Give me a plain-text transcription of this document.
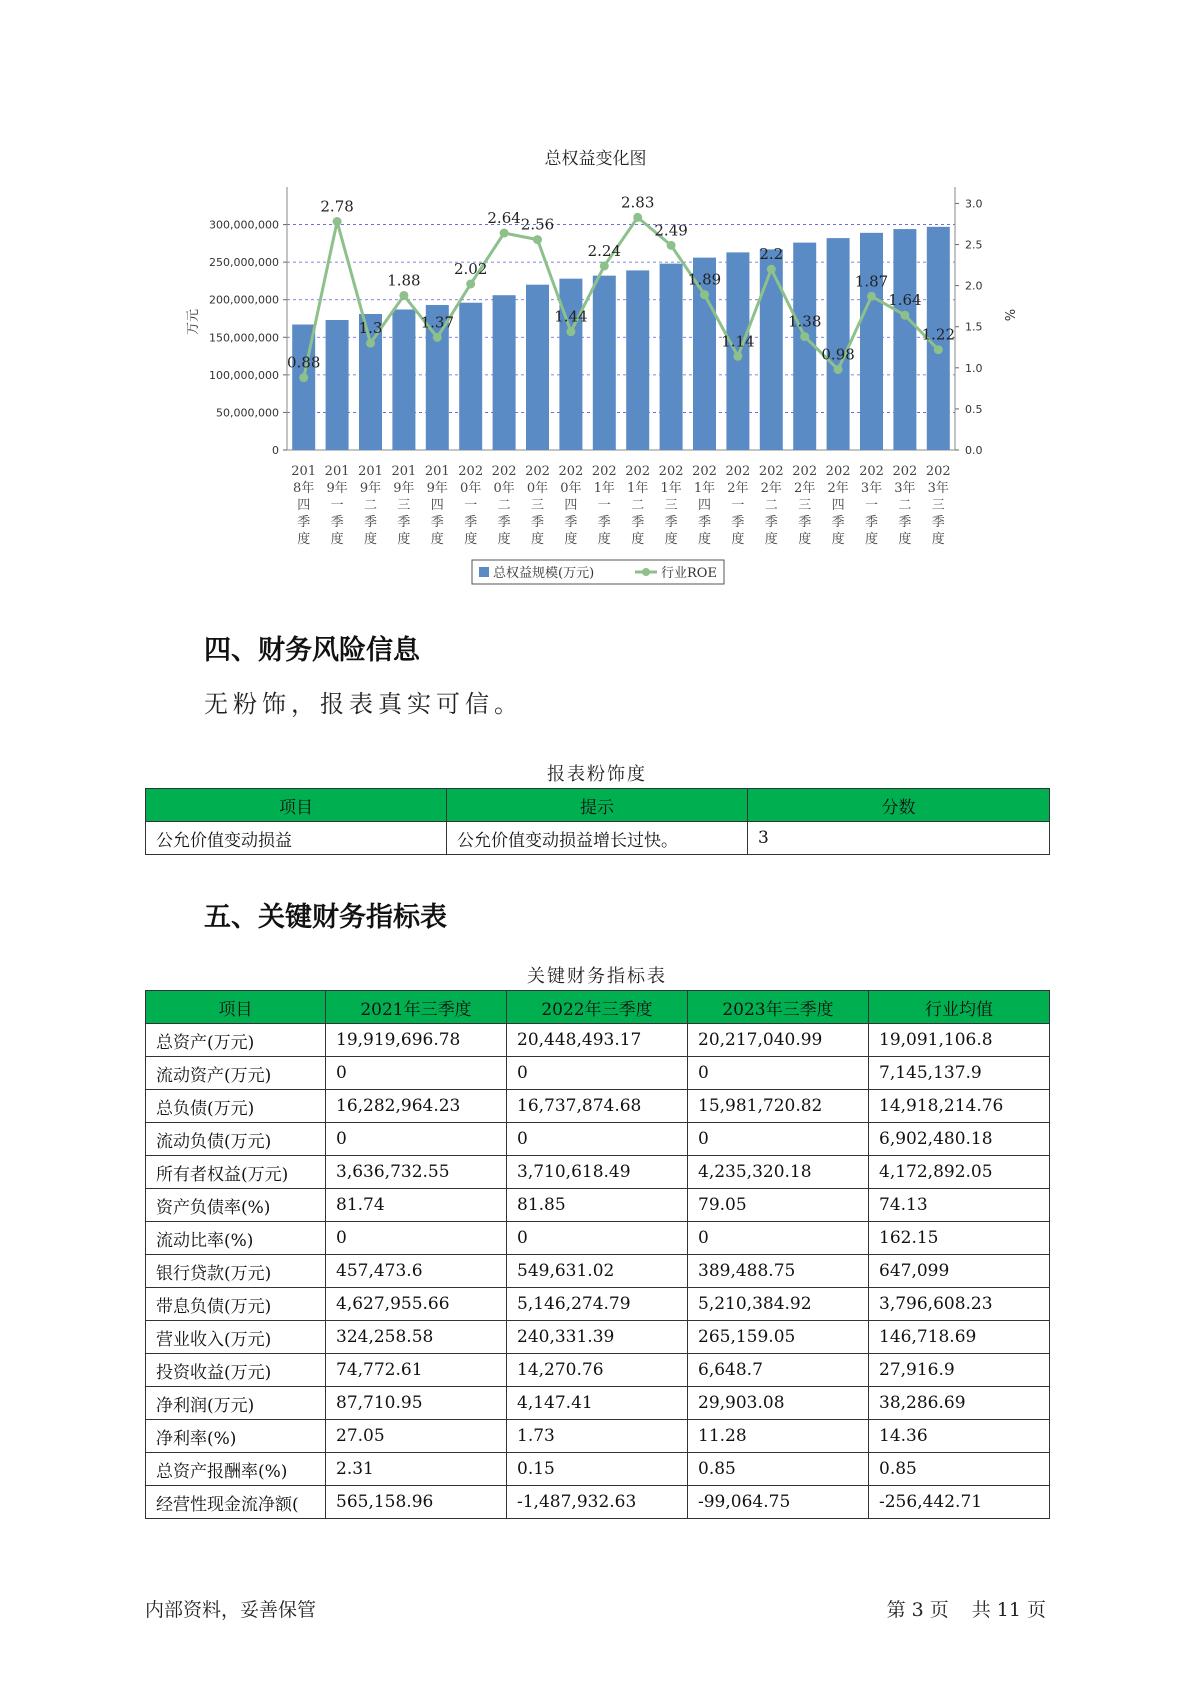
总权益变化图
0
50,000,000
100,000,000
150,000,000
200,000,000
250,000,000
300,000,000
0.0
0.5
1.0
1.5
2.0
2.5
3.0
万元	%
0.88
2.78
1.3
1.88
1.37
2.02
2.64 2.56
1.44
2.24
2.83
2.49
1.89
1.14
2.2
1.38
0.98
1.87
1.64
1.22
201
8年
四
季
度
201
9年
一
季
度
201
9年
二
季
度
201
9年
三
季
度
201
9年
四
季
度
202
0年
一
季
度
202
0年
二
季
度
202
0年
三
季
度
202
0年
四
季
度
202
1年
一
季
度
202
1年
二
季
度
202
1年
三
季
度
202
1年
四
季
度
202
2年
一
季
度
202
2年
二
季
度
202
2年
三
季
度
202
2年
四
季
度
202
3年
一
季
度
202
3年
二
季
度
202
3年
三
季
度
总权益规模(万元)	行业ROE
四、财务风险信息
无粉饰，报表真实可信。
报表粉饰度
项目	提示	分数
公允价值变动损益	公允价值变动损益增长过快。	3
五、关键财务指标表
关键财务指标表
项目	2021年三季度	2022年三季度	2023年三季度	行业均值
总资产(万元)	19,919,696.78	20,448,493.17	20,217,040.99	19,091,106.8
流动资产(万元)	0	0	0	7,145,137.9
总负债(万元)	16,282,964.23	16,737,874.68	15,981,720.82	14,918,214.76
流动负债(万元)	0	0	0	6,902,480.18
所有者权益(万元)	3,636,732.55	3,710,618.49	4,235,320.18	4,172,892.05
资产负债率(%)	81.74	81.85	79.05	74.13
流动比率(%)	0	0	0	162.15
银行贷款(万元)	457,473.6	549,631.02	389,488.75	647,099
带息负债(万元)	4,627,955.66	5,146,274.79	5,210,384.92	3,796,608.23
营业收入(万元)	324,258.58	240,331.39	265,159.05	146,718.69
投资收益(万元)	74,772.61	14,270.76	6,648.7	27,916.9
净利润(万元)	87,710.95	4,147.41	29,903.08	38,286.69
净利率(%)	27.05	1.73	11.28	14.36
总资产报酬率(%)	2.31	0.15	0.85	0.85
经营性现金流净额(	565,158.96	-1,487,932.63	-99,064.75	-256,442.71
内部资料，妥善保管	第 3 页 共 11 页
